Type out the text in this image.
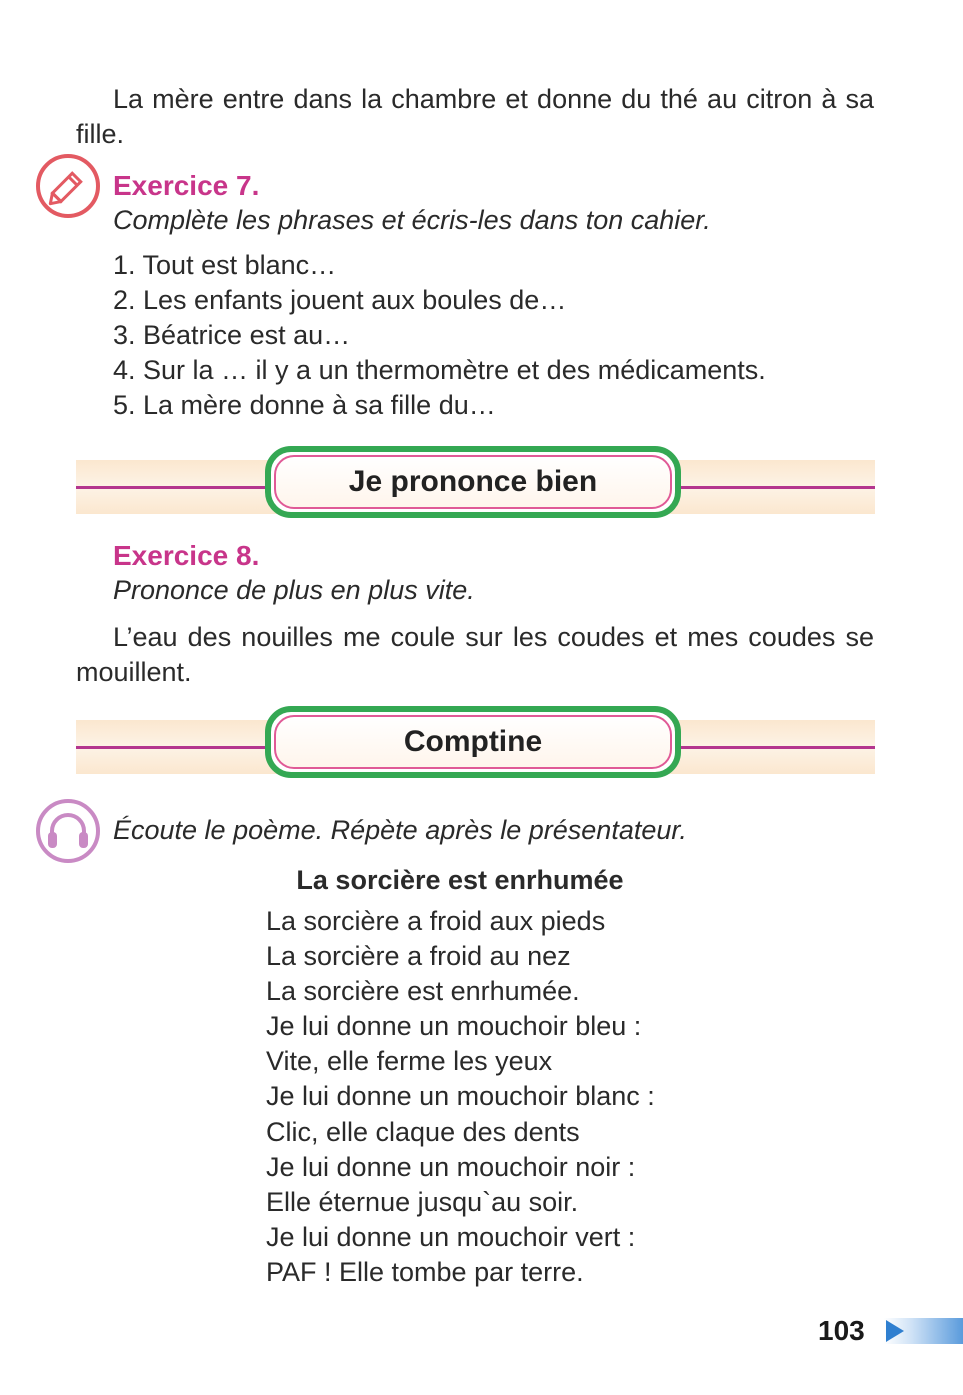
La mère entre dans la chambre et donne du thé au citron à sa fille.
Exercice 7.
Complète les phrases et écris-les dans ton cahier.
1. Tout est blanc…
2. Les enfants jouent aux boules de…
3. Béatrice est au…
4. Sur la … il y a un thermomètre et des médicaments.
5. La mère donne à sa fille du…
Je prononce bien
Exercice 8.
Prononce de plus en plus vite.
L’eau des nouilles me coule sur les coudes et mes coudes se mouillent.
Comptine
Écoute le poème. Répète après le présentateur.
La sorcière est enrhumée
La sorcière a froid aux pieds
La sorcière a froid au nez
La sorcière est enrhumée.
Je lui donne un mouchoir bleu :
Vite, elle ferme les yeux
Je lui donne un mouchoir blanc :
Clic, elle claque des dents
Je lui donne un mouchoir noir :
Elle éternue jusqu`au soir.
Je lui donne un mouchoir vert :
PAF ! Elle tombe par terre.
103
